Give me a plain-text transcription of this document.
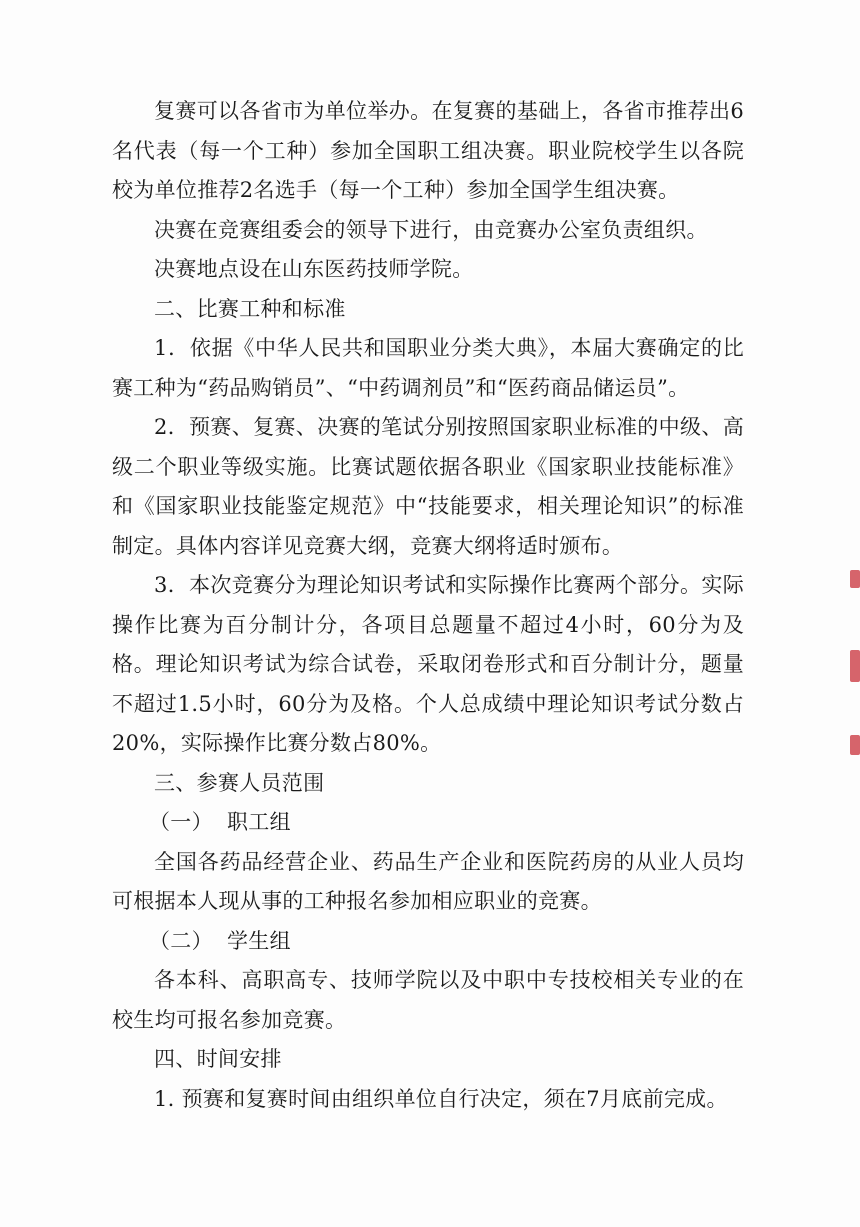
复赛可以各省市为单位举办。在复赛的基础上，各省市推荐出6名代表（每一个工种）参加全国职工组决赛。职业院校学生以各院校为单位推荐2名选手（每一个工种）参加全国学生组决赛。

决赛在竞赛组委会的领导下进行，由竞赛办公室负责组织。

决赛地点设在山东医药技师学院。

二、比赛工种和标准

1．依据《中华人民共和国职业分类大典》，本届大赛确定的比赛工种为“药品购销员”、“中药调剂员”和“医药商品储运员”。

2．预赛、复赛、决赛的笔试分别按照国家职业标准的中级、高级二个职业等级实施。比赛试题依据各职业《国家职业技能标准》和《国家职业技能鉴定规范》中“技能要求，相关理论知识”的标准制定。具体内容详见竞赛大纲，竞赛大纲将适时颁布。

3．本次竞赛分为理论知识考试和实际操作比赛两个部分。实际操作比赛为百分制计分，各项目总题量不超过4小时，60分为及格。理论知识考试为综合试卷，采取闭卷形式和百分制计分，题量不超过1.5小时，60分为及格。个人总成绩中理论知识考试分数占20%，实际操作比赛分数占80%。

三、参赛人员范围

（一） 职工组

全国各药品经营企业、药品生产企业和医院药房的从业人员均可根据本人现从事的工种报名参加相应职业的竞赛。

（二） 学生组

各本科、高职高专、技师学院以及中职中专技校相关专业的在校生均可报名参加竞赛。

四、时间安排

1. 预赛和复赛时间由组织单位自行决定，须在7月底前完成。
